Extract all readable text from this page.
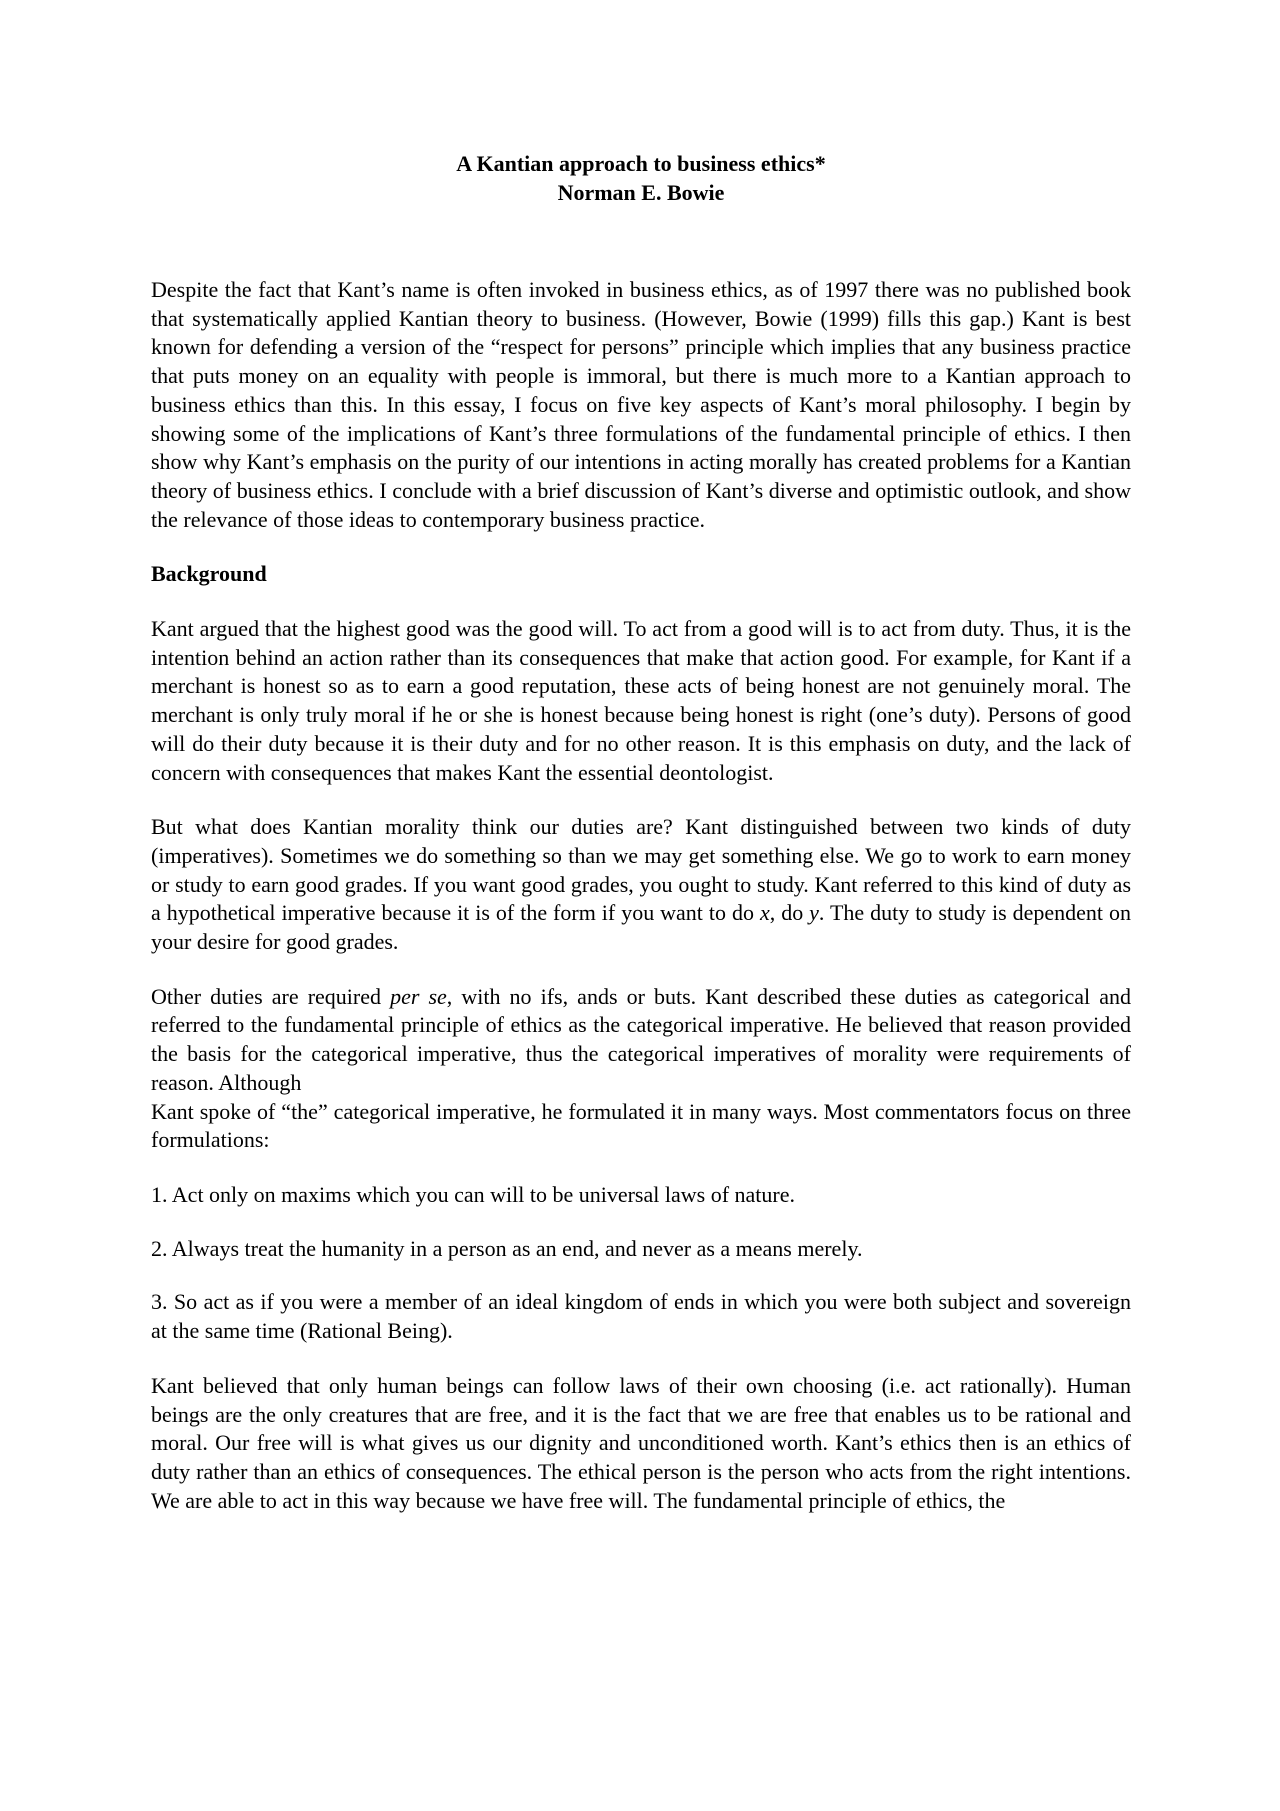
A Kantian approach to business ethics*
Norman E. Bowie

Despite the fact that Kant’s name is often invoked in business ethics, as of 1997 there was no published book that systematically applied Kantian theory to business. (However, Bowie (1999) fills this gap.) Kant is best known for defending a version of the “respect for persons” principle which implies that any business practice that puts money on an equality with people is immoral, but there is much more to a Kantian approach to business ethics than this. In this essay, I focus on five key aspects of Kant’s moral philosophy. I begin by showing some of the implications of Kant’s three formulations of the fundamental principle of ethics. I then show why Kant’s emphasis on the purity of our intentions in acting morally has created problems for a Kantian theory of business ethics. I conclude with a brief discussion of Kant’s diverse and optimistic outlook, and show the relevance of those ideas to contemporary business practice.

Background

Kant argued that the highest good was the good will. To act from a good will is to act from duty. Thus, it is the intention behind an action rather than its consequences that make that action good. For example, for Kant if a merchant is honest so as to earn a good reputation, these acts of being honest are not genuinely moral. The merchant is only truly moral if he or she is honest because being honest is right (one’s duty). Persons of good will do their duty because it is their duty and for no other reason. It is this emphasis on duty, and the lack of concern with consequences that makes Kant the essential deontologist.

But what does Kantian morality think our duties are? Kant distinguished between two kinds of duty (imperatives). Sometimes we do something so than we may get something else. We go to work to earn money or study to earn good grades. If you want good grades, you ought to study. Kant referred to this kind of duty as a hypothetical imperative because it is of the form if you want to do x, do y. The duty to study is dependent on your desire for good grades.

Other duties are required per se, with no ifs, ands or buts. Kant described these duties as categorical and referred to the fundamental principle of ethics as the categorical imperative. He believed that reason provided the basis for the categorical imperative, thus the categorical imperatives of morality were requirements of reason. Although
Kant spoke of “the” categorical imperative, he formulated it in many ways. Most commentators focus on three formulations:

1. Act only on maxims which you can will to be universal laws of nature.

2. Always treat the humanity in a person as an end, and never as a means merely.

3. So act as if you were a member of an ideal kingdom of ends in which you were both subject and sovereign at the same time (Rational Being).

Kant believed that only human beings can follow laws of their own choosing (i.e. act rationally). Human beings are the only creatures that are free, and it is the fact that we are free that enables us to be rational and moral. Our free will is what gives us our dignity and unconditioned worth. Kant’s ethics then is an ethics of duty rather than an ethics of consequences. The ethical person is the person who acts from the right intentions. We are able to act in this way because we have free will. The fundamental principle of ethics, the
